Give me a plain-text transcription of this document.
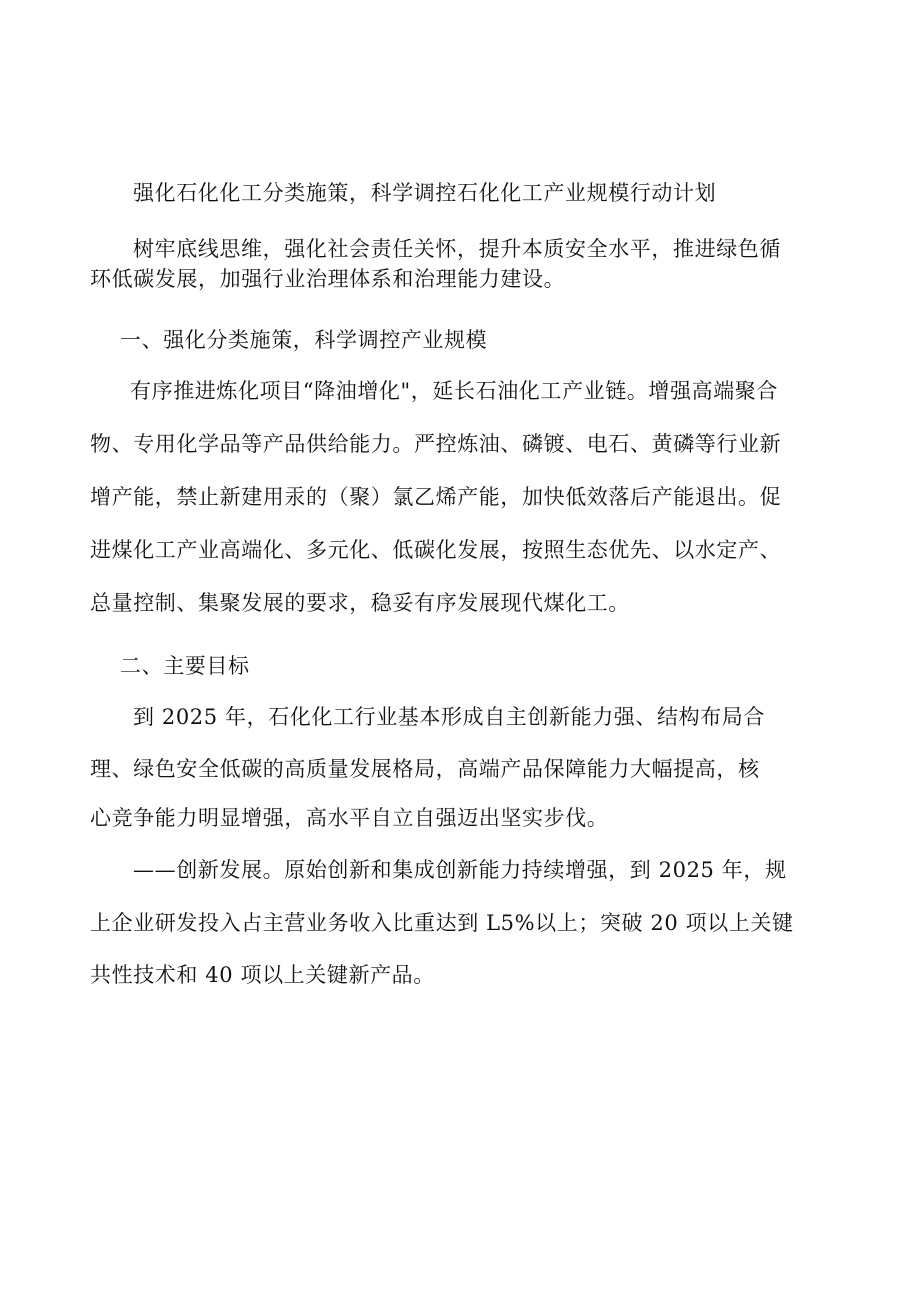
强化石化化工分类施策，科学调控石化化工产业规模行动计划
树牢底线思维，强化社会责任关怀，提升本质安全水平，推进绿色循
环低碳发展，加强行业治理体系和治理能力建设。
一、强化分类施策，科学调控产业规模
有序推进炼化项目“降油增化"，延长石油化工产业链。增强高端聚合
物、专用化学品等产品供给能力。严控炼油、磷镀、电石、黄磷等行业新
增产能，禁止新建用汞的（聚）氯乙烯产能，加快低效落后产能退出。促
进煤化工产业高端化、多元化、低碳化发展，按照生态优先、以水定产、
总量控制、集聚发展的要求，稳妥有序发展现代煤化工。
二、主要目标
到 2025 年，石化化工行业基本形成自主创新能力强、结构布局合
理、绿色安全低碳的高质量发展格局，高端产品保障能力大幅提高，核
心竞争能力明显增强，高水平自立自强迈出坚实步伐。
——创新发展。原始创新和集成创新能力持续增强，到 2025 年，规
上企业研发投入占主营业务收入比重达到 L5%以上；突破 20 项以上关键
共性技术和 40 项以上关键新产品。
